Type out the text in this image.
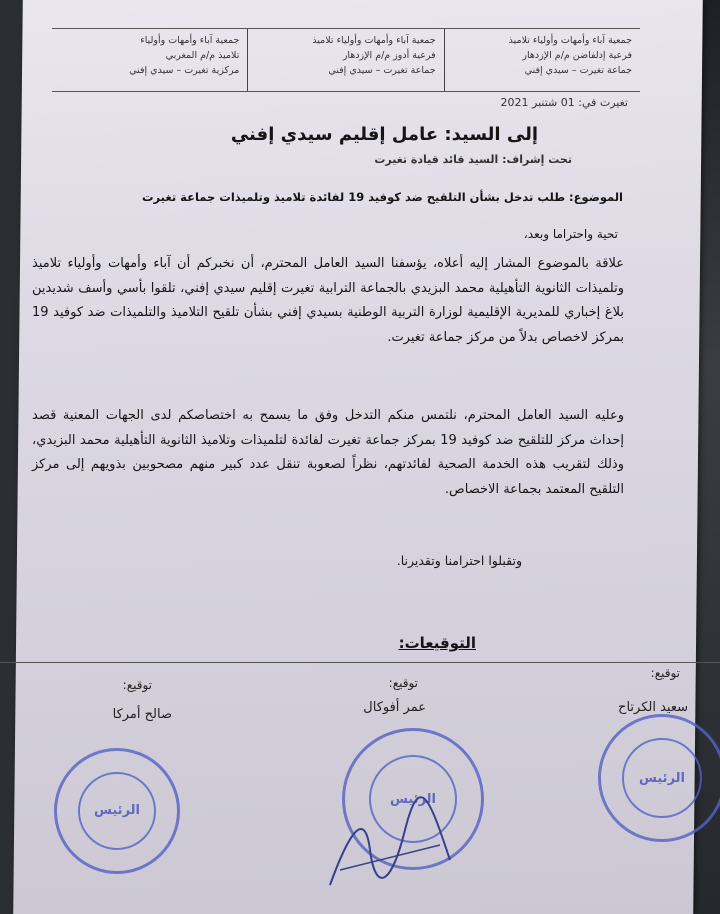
جمعية آباء وأمهات وأولياء تلاميذ
فرعية إدلفاضن م/م الإزدهار
جماعة تغيرت – سيدي إفني
جمعية آباء وأمهات وأولياء تلاميذ
فرعية أدوز م/م الإزدهار
جماعة تغيرت – سيدي إفني
جمعية آباء وأمهات وأولياء
تلاميذ م/م المغربي
مركزية تغيرت – سيدي إفني
تغيرت في: 01 شتنبر 2021
إلى السيد: عامل إقليم سيدي إفني
تحت إشراف: السيد قائد قيادة تغيرت
الموضوع: طلب تدخل بشأن التلقيح ضد كوفيد 19 لفائدة تلاميذ وتلميذات جماعة تغيرت
تحية واحتراما وبعد،
علاقة بالموضوع المشار إليه أعلاه، يؤسفنا السيد العامل المحترم، أن نخبركم أن آباء وأمهات وأولياء تلاميذ وتلميذات الثانوية التأهيلية محمد البزيدي بالجماعة الترابية تغيرت إقليم سيدي إفني، تلقوا بأسي وأسف شديدين بلاغ إخباري للمديرية الإقليمية لوزارة التربية الوطنية بسيدي إفني بشأن تلقيح التلاميذ والتلميذات ضد كوفيد 19 بمركز لاخصاص بدلاً من مركز جماعة تغيرت.
وعليه السيد العامل المحترم، نلتمس منكم التدخل وفق ما يسمح به اختصاصكم لدى الجهات المعنية قصد إحداث مركز للتلقيح ضد كوفيد 19 بمركز جماعة تغيرت لفائدة لتلميذات وتلاميذ الثانوية التأهيلية محمد البزيدي، وذلك لتقريب هذه الخدمة الصحية لفائدتهم، نظراً لصعوبة تنقل عدد كبير منهم مصحوبين بذويهم إلى مركز التلقيح المعتمد بجماعة الاخصاص.
وتقبلوا احترامنا وتقديرنا.
التوقيعات:
توقيع:
سعيد الكرتاح
توقيع:
عمر أفوكال
توقيع:
صالح أمركا
الرئيس
الرئيس
الرئيس
